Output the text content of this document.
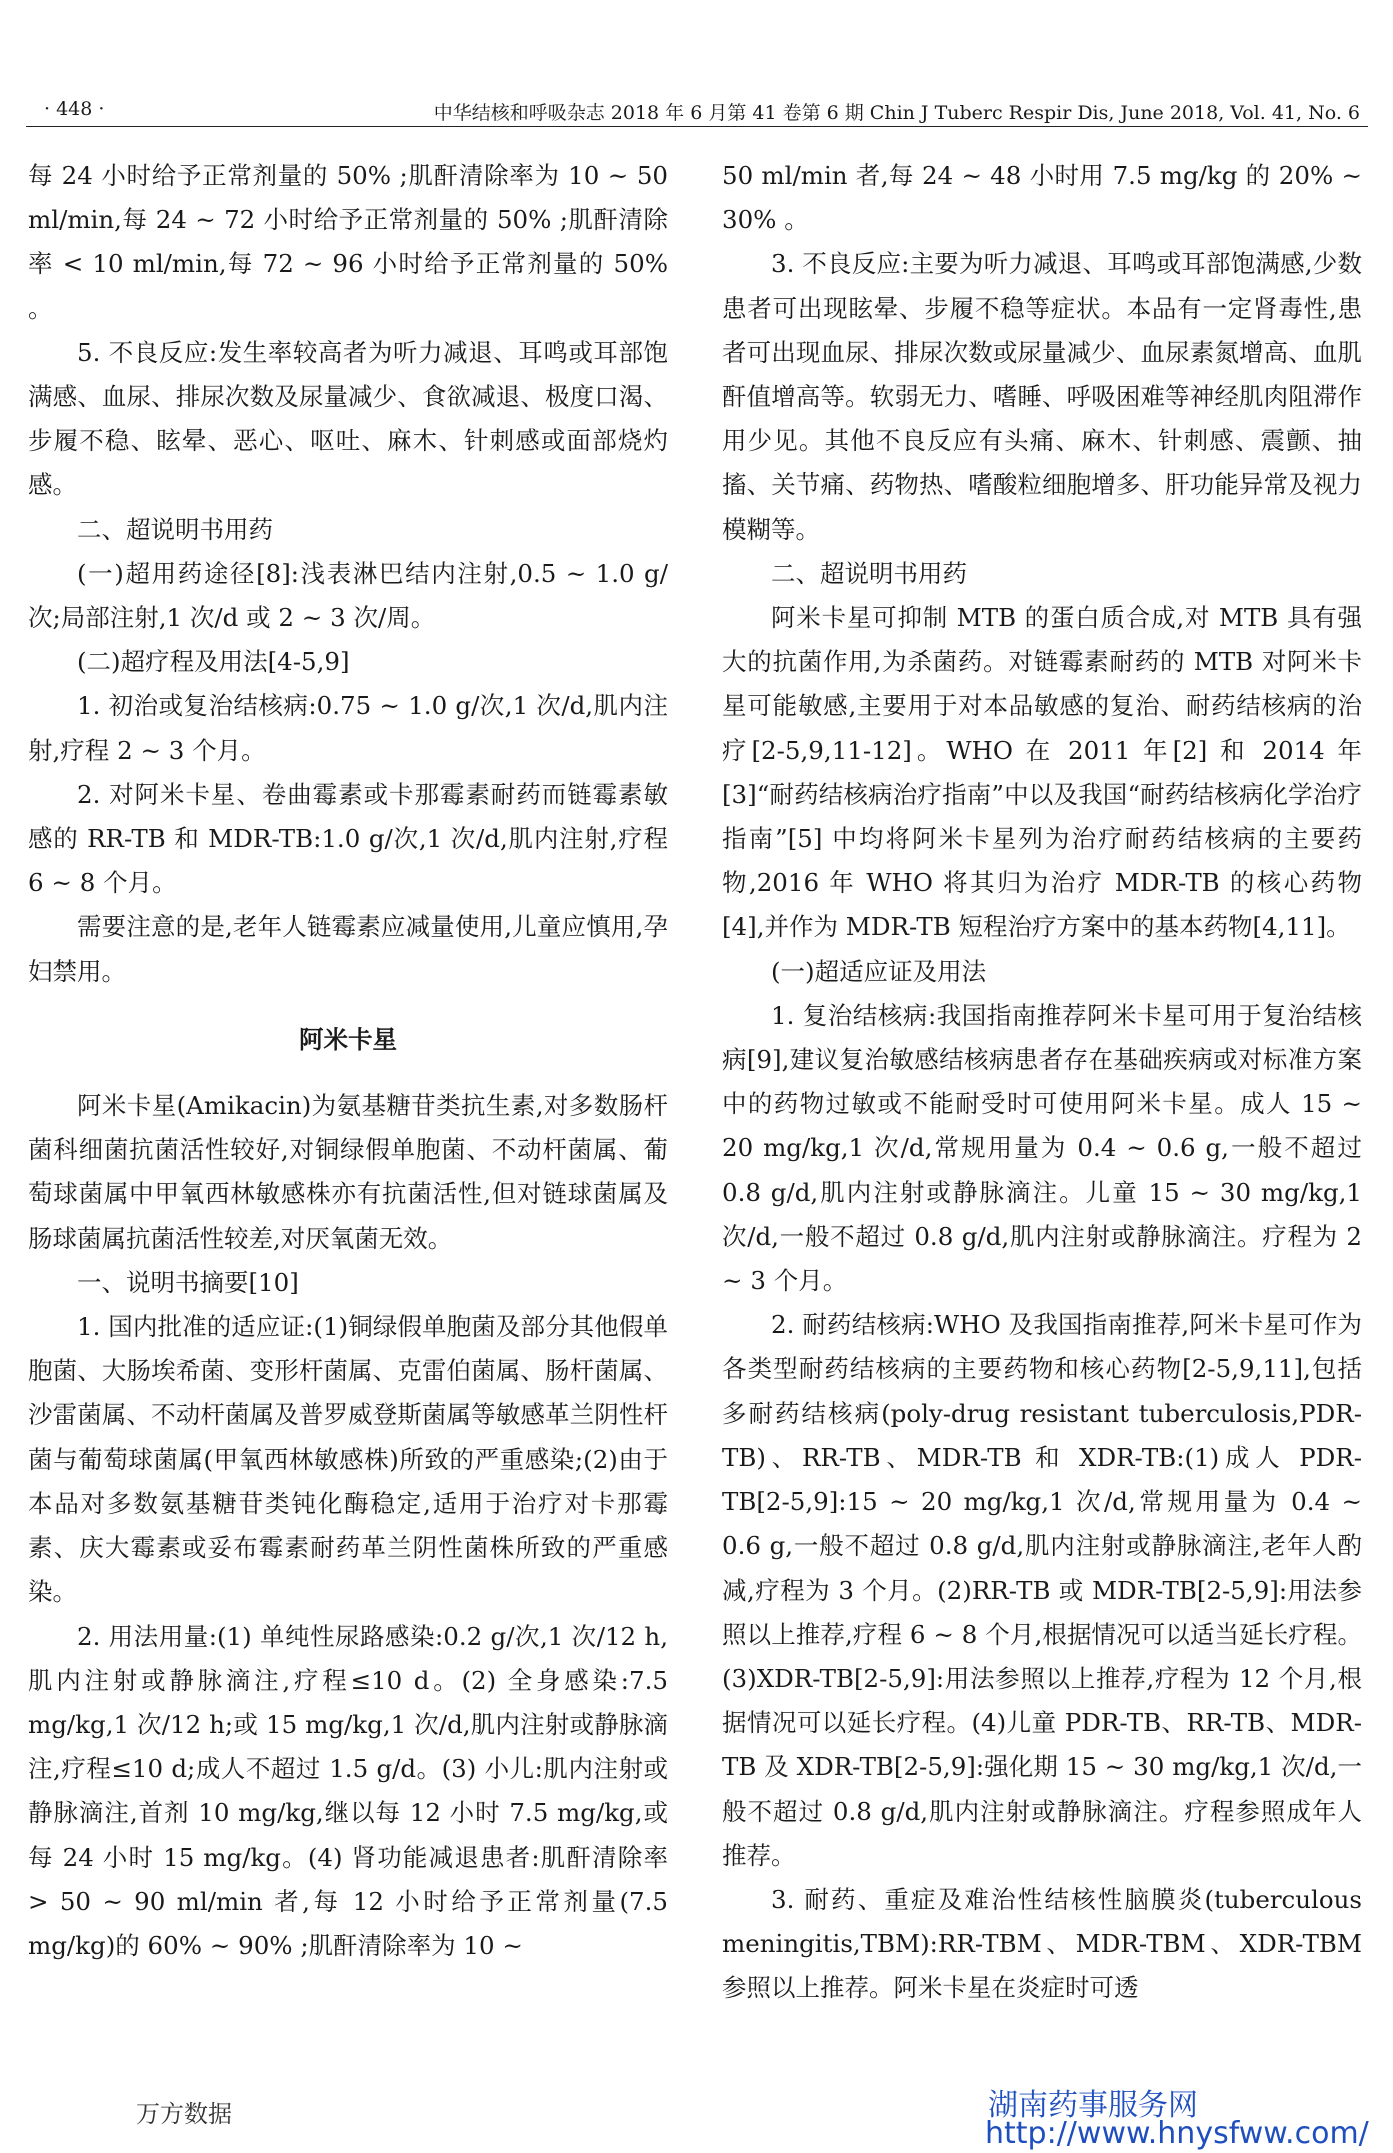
· 448 ·	中华结核和呼吸杂志 2018 年 6 月第 41 卷第 6 期 Chin J Tuberc Respir Dis, June 2018, Vol. 41, No. 6

每 24 小时给予正常剂量的 50% ;肌酐清除率为 10 ~ 50 ml/min,每 24 ~ 72 小时给予正常剂量的 50% ;肌酐清除率 < 10 ml/min,每 72 ~ 96 小时给予正常剂量的 50% 。

5. 不良反应:发生率较高者为听力减退、耳鸣或耳部饱满感、血尿、排尿次数及尿量减少、食欲减退、极度口渴、步履不稳、眩晕、恶心、呕吐、麻木、针刺感或面部烧灼感。

二、超说明书用药

(一)超用药途径[8]:浅表淋巴结内注射,0.5 ~ 1.0 g/次;局部注射,1 次/d 或 2 ~ 3 次/周。

(二)超疗程及用法[4-5,9]

1. 初治或复治结核病:0.75 ~ 1.0 g/次,1 次/d,肌内注射,疗程 2 ~ 3 个月。

2. 对阿米卡星、卷曲霉素或卡那霉素耐药而链霉素敏感的 RR-TB 和 MDR-TB:1.0 g/次,1 次/d,肌内注射,疗程 6 ~ 8 个月。

需要注意的是,老年人链霉素应减量使用,儿童应慎用,孕妇禁用。

阿米卡星

阿米卡星(Amikacin)为氨基糖苷类抗生素,对多数肠杆菌科细菌抗菌活性较好,对铜绿假单胞菌、不动杆菌属、葡萄球菌属中甲氧西林敏感株亦有抗菌活性,但对链球菌属及肠球菌属抗菌活性较差,对厌氧菌无效。

一、说明书摘要[10]

1. 国内批准的适应证:(1)铜绿假单胞菌及部分其他假单胞菌、大肠埃希菌、变形杆菌属、克雷伯菌属、肠杆菌属、沙雷菌属、不动杆菌属及普罗威登斯菌属等敏感革兰阴性杆菌与葡萄球菌属(甲氧西林敏感株)所致的严重感染;(2)由于本品对多数氨基糖苷类钝化酶稳定,适用于治疗对卡那霉素、庆大霉素或妥布霉素耐药革兰阴性菌株所致的严重感染。

2. 用法用量:(1) 单纯性尿路感染:0.2 g/次,1 次/12 h,肌内注射或静脉滴注,疗程≤10 d。(2) 全身感染:7.5 mg/kg,1 次/12 h;或 15 mg/kg,1 次/d,肌内注射或静脉滴注,疗程≤10 d;成人不超过 1.5 g/d。(3) 小儿:肌内注射或静脉滴注,首剂 10 mg/kg,继以每 12 小时 7.5 mg/kg,或每 24 小时 15 mg/kg。(4) 肾功能减退患者:肌酐清除率 > 50 ~ 90 ml/min 者,每 12 小时给予正常剂量(7.5 mg/kg)的 60% ~ 90% ;肌酐清除率为 10 ~

50 ml/min 者,每 24 ~ 48 小时用 7.5 mg/kg 的 20% ~ 30% 。

3. 不良反应:主要为听力减退、耳鸣或耳部饱满感,少数患者可出现眩晕、步履不稳等症状。本品有一定肾毒性,患者可出现血尿、排尿次数或尿量减少、血尿素氮增高、血肌酐值增高等。软弱无力、嗜睡、呼吸困难等神经肌肉阻滞作用少见。其他不良反应有头痛、麻木、针刺感、震颤、抽搐、关节痛、药物热、嗜酸粒细胞增多、肝功能异常及视力模糊等。

二、超说明书用药

阿米卡星可抑制 MTB 的蛋白质合成,对 MTB 具有强大的抗菌作用,为杀菌药。对链霉素耐药的 MTB 对阿米卡星可能敏感,主要用于对本品敏感的复治、耐药结核病的治疗[2-5,9,11-12]。WHO 在 2011 年[2] 和 2014 年[3]“耐药结核病治疗指南”中以及我国“耐药结核病化学治疗指南”[5] 中均将阿米卡星列为治疗耐药结核病的主要药物,2016 年 WHO 将其归为治疗 MDR-TB 的核心药物[4],并作为 MDR-TB 短程治疗方案中的基本药物[4,11]。

(一)超适应证及用法

1. 复治结核病:我国指南推荐阿米卡星可用于复治结核病[9],建议复治敏感结核病患者存在基础疾病或对标准方案中的药物过敏或不能耐受时可使用阿米卡星。成人 15 ~ 20 mg/kg,1 次/d,常规用量为 0.4 ~ 0.6 g,一般不超过 0.8 g/d,肌内注射或静脉滴注。儿童 15 ~ 30 mg/kg,1 次/d,一般不超过 0.8 g/d,肌内注射或静脉滴注。疗程为 2 ~ 3 个月。

2. 耐药结核病:WHO 及我国指南推荐,阿米卡星可作为各类型耐药结核病的主要药物和核心药物[2-5,9,11],包括多耐药结核病(poly-drug resistant tuberculosis,PDR-TB)、RR-TB、MDR-TB 和 XDR-TB:(1)成人 PDR-TB[2-5,9]:15 ~ 20 mg/kg,1 次/d,常规用量为 0.4 ~ 0.6 g,一般不超过 0.8 g/d,肌内注射或静脉滴注,老年人酌减,疗程为 3 个月。(2)RR-TB 或 MDR-TB[2-5,9]:用法参照以上推荐,疗程 6 ~ 8 个月,根据情况可以适当延长疗程。(3)XDR-TB[2-5,9]:用法参照以上推荐,疗程为 12 个月,根据情况可以延长疗程。(4)儿童 PDR-TB、RR-TB、MDR-TB 及 XDR-TB[2-5,9]:强化期 15 ~ 30 mg/kg,1 次/d,一般不超过 0.8 g/d,肌内注射或静脉滴注。疗程参照成年人推荐。

3. 耐药、重症及难治性结核性脑膜炎(tuberculous meningitis,TBM):RR-TBM、MDR-TBM、XDR-TBM 参照以上推荐。阿米卡星在炎症时可透

万方数据	湖南药事服务网
http://www.hnysfww.com/
